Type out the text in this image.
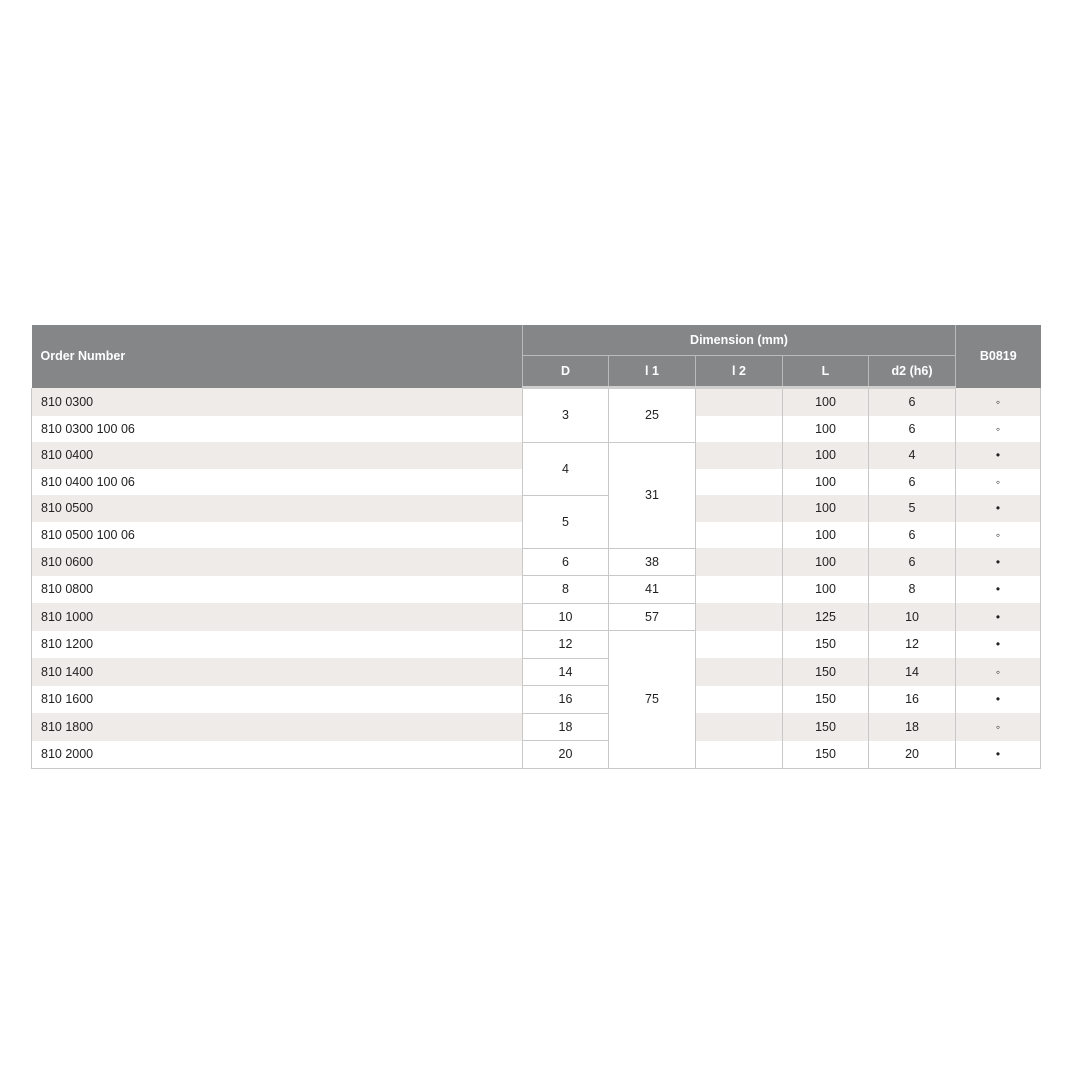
Order Number	Dimension (mm)					B0819
	D	l 1	l 2	L	d2 (h6)	
810 0300	3	25		100	6	◦
810 0300 100 06				100	6	◦
810 0400	4	31		100	4	•
810 0400 100 06				100	6	◦
810 0500	5			100	5	•
810 0500 100 06				100	6	◦
810 0600	6	38		100	6	•
810 0800	8	41		100	8	•
810 1000	10	57		125	10	•
810 1200	12	75		150	12	•
810 1400	14			150	14	◦
810 1600	16			150	16	•
810 1800	18			150	18	◦
810 2000	20			150	20	•
